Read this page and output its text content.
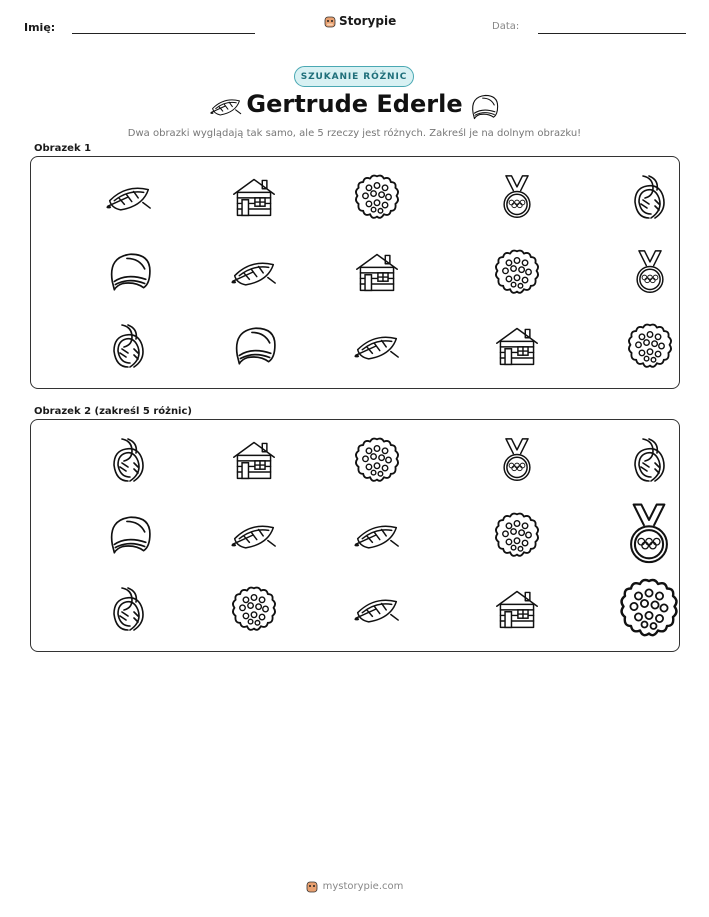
Imię:	Storypie	Data:
SZUKANIE RÓŻNIC
Gertrude Ederle
Dwa obrazki wyglądają tak samo, ale 5 rzeczy jest różnych. Zakreśl je na dolnym obrazku!
Obrazek 1
Obrazek 2 (zakreśl 5 różnic)
mystorypie.com
